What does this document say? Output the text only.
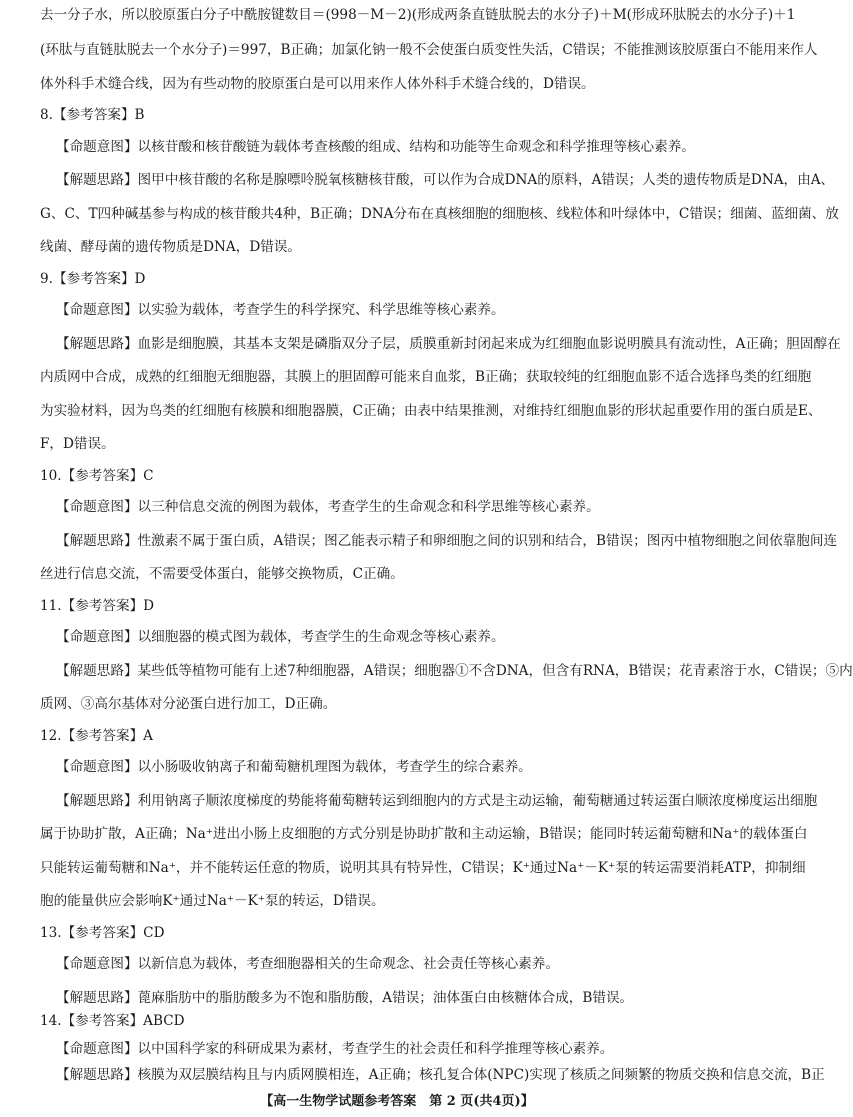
【解题思路】核膜为双层膜结构且与内质网膜相连，A正确；核孔复合体(NPC)实现了核质之间频繁的物质交换和信息交流，B正
【高一生物学试题参考答案　第 2 页(共4页)】
去一分子水，所以胶原蛋白分子中酰胺键数目＝(998－M－2)(形成两条直链肽脱去的水分子)＋M(形成环肽脱去的水分子)＋1
(环肽与直链肽脱去一个水分子)＝997，B正确；加氯化钠一般不会使蛋白质变性失活，C错误；不能推测该胶原蛋白不能用来作人
体外科手术缝合线，因为有些动物的胶原蛋白是可以用来作人体外科手术缝合线的，D错误。
8.【参考答案】B
【命题意图】以核苷酸和核苷酸链为载体考查核酸的组成、结构和功能等生命观念和科学推理等核心素养。
【解题思路】图甲中核苷酸的名称是腺嘌呤脱氧核糖核苷酸，可以作为合成DNA的原料，A错误；人类的遗传物质是DNA，由A、
G、C、T四种碱基参与构成的核苷酸共4种，B正确；DNA分布在真核细胞的细胞核、线粒体和叶绿体中，C错误；细菌、蓝细菌、放
线菌、酵母菌的遗传物质是DNA，D错误。
9.【参考答案】D
【命题意图】以实验为载体，考查学生的科学探究、科学思维等核心素养。
【解题思路】血影是细胞膜，其基本支架是磷脂双分子层，质膜重新封闭起来成为红细胞血影说明膜具有流动性，A正确；胆固醇在
内质网中合成，成熟的红细胞无细胞器，其膜上的胆固醇可能来自血浆，B正确；获取较纯的红细胞血影不适合选择鸟类的红细胞
为实验材料，因为鸟类的红细胞有核膜和细胞器膜，C正确；由表中结果推测，对维持红细胞血影的形状起重要作用的蛋白质是E、
F，D错误。
10.【参考答案】C
【命题意图】以三种信息交流的例图为载体，考查学生的生命观念和科学思维等核心素养。
【解题思路】性激素不属于蛋白质，A错误；图乙能表示精子和卵细胞之间的识别和结合，B错误；图丙中植物细胞之间依靠胞间连
丝进行信息交流，不需要受体蛋白，能够交换物质，C正确。
11.【参考答案】D
【命题意图】以细胞器的模式图为载体，考查学生的生命观念等核心素养。
【解题思路】某些低等植物可能有上述7种细胞器，A错误；细胞器①不含DNA，但含有RNA，B错误；花青素溶于水，C错误；⑤内
质网、③高尔基体对分泌蛋白进行加工，D正确。
12.【参考答案】A
【命题意图】以小肠吸收钠离子和葡萄糖机理图为载体，考查学生的综合素养。
【解题思路】利用钠离子顺浓度梯度的势能将葡萄糖转运到细胞内的方式是主动运输，葡萄糖通过转运蛋白顺浓度梯度运出细胞
属于协助扩散，A正确；Na⁺进出小肠上皮细胞的方式分别是协助扩散和主动运输，B错误；能同时转运葡萄糖和Na⁺的载体蛋白
只能转运葡萄糖和Na⁺，并不能转运任意的物质，说明其具有特异性，C错误；K⁺通过Na⁺－K⁺泵的转运需要消耗ATP，抑制细
胞的能量供应会影响K⁺通过Na⁺－K⁺泵的转运，D错误。
13.【参考答案】CD
【命题意图】以新信息为载体，考查细胞器相关的生命观念、社会责任等核心素养。
【解题思路】蓖麻脂肪中的脂肪酸多为不饱和脂肪酸，A错误；油体蛋白由核糖体合成，B错误。
14.【参考答案】ABCD
【命题意图】以中国科学家的科研成果为素材，考查学生的社会责任和科学推理等核心素养。
